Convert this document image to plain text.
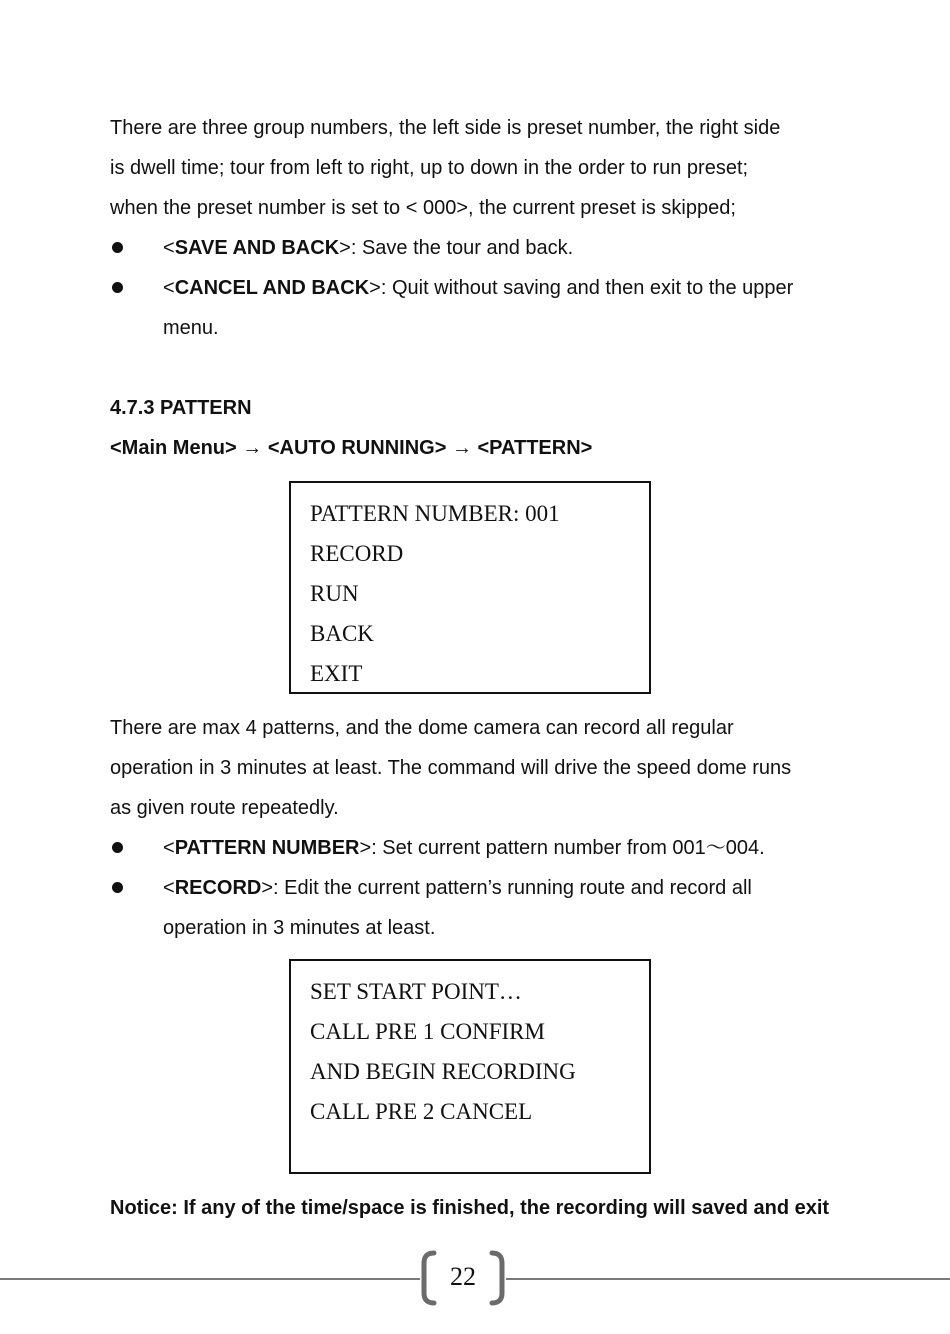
There are three group numbers, the left side is preset number, the right side
is dwell time; tour from left to right, up to down in the order to run preset;
when the preset number is set to < 000>, the current preset is skipped;
<SAVE AND BACK>: Save the tour and back.
<CANCEL AND BACK>: Quit without saving and then exit to the upper
menu.
4.7.3 PATTERN
<Main Menu> → <AUTO RUNNING> → <PATTERN>
PATTERN NUMBER: 001
RECORD
RUN
BACK
EXIT
There are max 4 patterns, and the dome camera can record all regular
operation in 3 minutes at least. The command will drive the speed dome runs
as given route repeatedly.
<PATTERN NUMBER>: Set current pattern number from 001～004.
<RECORD>: Edit the current pattern’s running route and record all
operation in 3 minutes at least.
SET START POINT…
CALL PRE 1 CONFIRM
AND BEGIN RECORDING
CALL PRE 2 CANCEL
Notice: If any of the time/space is finished, the recording will saved and exit
22
